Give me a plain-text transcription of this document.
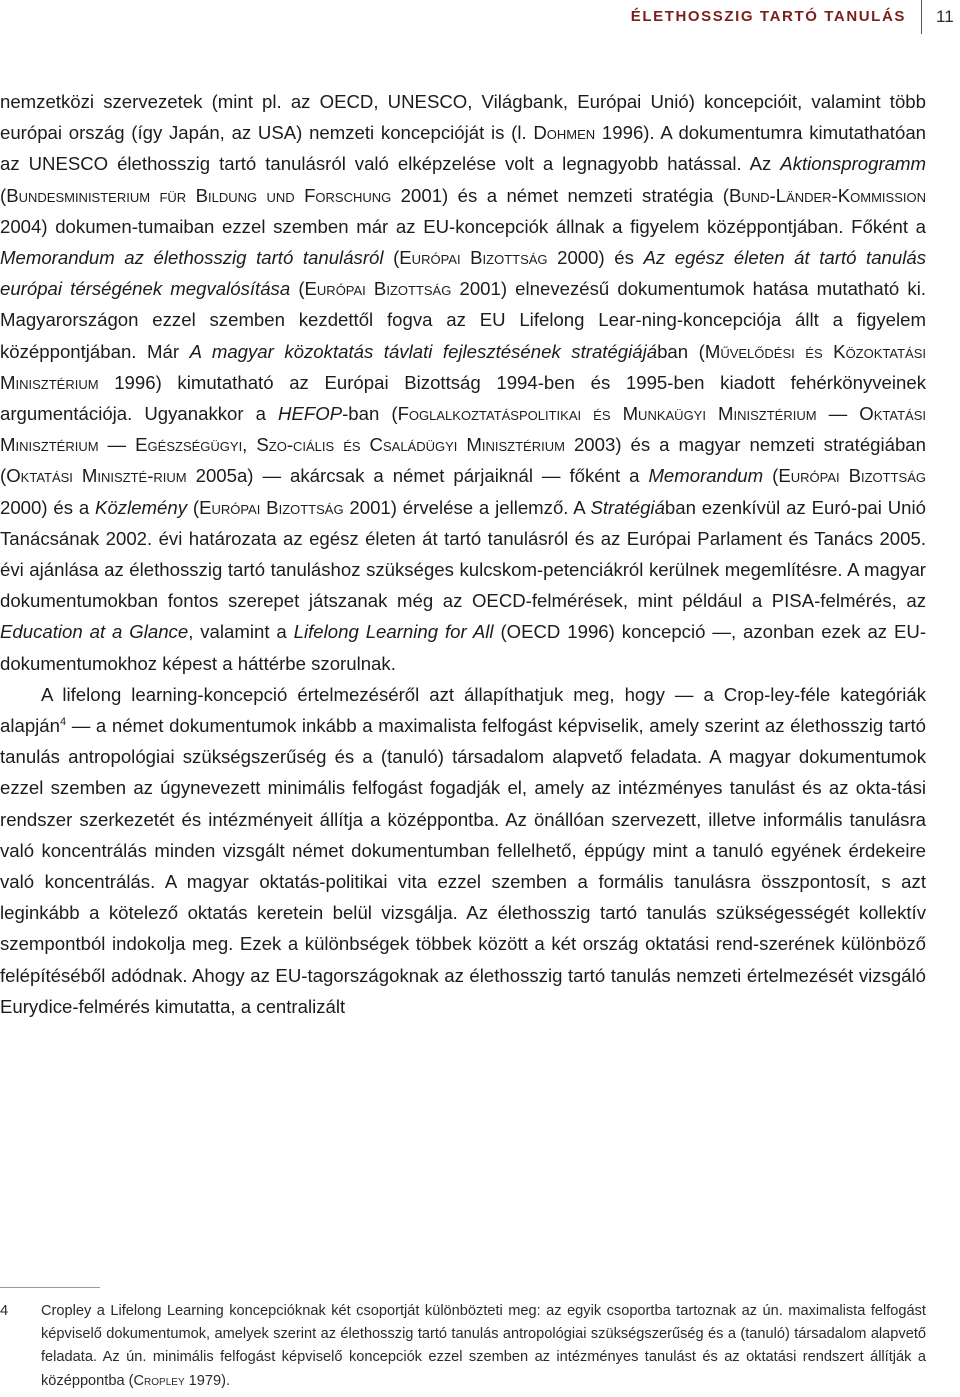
ÉLETHOSSZIG TARTÓ TANULÁS 11

nemzetközi szervezetek (mint pl. az OECD, UNESCO, Világbank, Európai Unió) koncepcióit, valamint több európai ország (így Japán, az USA) nemzeti koncepcióját is (l. Dohmen 1996). A dokumentumra kimutathatóan az UNESCO élethosszig tartó tanulásról való elképzelése volt a legnagyobb hatással. Az Aktionsprogramm (Bundesministerium für Bildung und Forschung 2001) és a német nemzeti stratégia (Bund-Länder-Kommission 2004) dokumen-tumaiban ezzel szemben már az EU-koncepciók állnak a figyelem középpontjában. Főként a Memorandum az élethosszig tartó tanulásról (Európai Bizottság 2000) és Az egész életen át tartó tanulás európai térségének megvalósítása (Európai Bizottság 2001) elnevezésű dokumentumok hatása mutatható ki. Magyarországon ezzel szemben kezdettől fogva az EU Lifelong Lear-ning-koncepciója állt a figyelem középpontjában. Már A magyar közoktatás távlati fejlesztésének stratégiájában (Művelődési és Közoktatási Minisztérium 1996) kimutatható az Európai Bizottság 1994-ben és 1995-ben kiadott fehérkönyveinek argumentációja. Ugyanakkor a HEFOP-ban (Foglalkoztatáspolitikai és Munkaügyi Minisztérium — Oktatási Minisztérium — Egészségügyi, Szo-ciális és Családügyi Minisztérium 2003) és a magyar nemzeti stratégiában (Oktatási Miniszté-rium 2005a) — akárcsak a német párjaiknál — főként a Memorandum (Európai Bizottság 2000) és a Közlemény (Európai Bizottság 2001) érvelése a jellemző. A Stratégiában ezenkívül az Euró-pai Unió Tanácsának 2002. évi határozata az egész életen át tartó tanulásról és az Európai Parlament és Tanács 2005. évi ajánlása az élethosszig tartó tanuláshoz szükséges kulcskom-petenciákról kerülnek megemlítésre. A magyar dokumentumokban fontos szerepet játszanak még az OECD-felmérések, mint például a PISA-felmérés, az Education at a Glance, valamint a Lifelong Learning for All (OECD 1996) koncepció —, azonban ezek az EU-dokumentumokhoz képest a háttérbe szorulnak.

A lifelong learning-koncepció értelmezéséről azt állapíthatjuk meg, hogy — a Crop-ley-féle kategóriák alapján$^4$ — a német dokumentumok inkább a maximalista felfogást képviselik, amely szerint az élethosszig tartó tanulás antropológiai szükségszerűség és a (tanuló) társadalom alapvető feladata. A magyar dokumentumok ezzel szemben az úgynevezett minimális felfogást fogadják el, amely az intézményes tanulást és az okta-tási rendszer szerkezetét és intézményeit állítja a középpontba. Az önállóan szervezett, illetve informális tanulásra való koncentrálás minden vizsgált német dokumentumban fellelhető, éppúgy mint a tanuló egyének érdekeire való koncentrálás. A magyar oktatás-politikai vita ezzel szemben a formális tanulásra összpontosít, s azt leginkább a kötelező oktatás keretein belül vizsgálja. Az élethosszig tartó tanulás szükségességét kollektív szempontból indokolja meg. Ezek a különbségek többek között a két ország oktatási rend-szerének különböző felépítéséből adódnak. Ahogy az EU-tagországoknak az élethosszig tartó tanulás nemzeti értelmezését vizsgáló Eurydice-felmérés kimutatta, a centralizált

4	Cropley a Lifelong Learning koncepcióknak két csoportját különbözteti meg: az egyik csoportba tartoznak az ún. maximalista felfogást képviselő dokumentumok, amelyek szerint az élethosszig tartó tanulás antropológiai szükségszerűség és a (tanuló) társadalom alapvető feladata. Az ún. minimális felfogást képviselő koncepciók ezzel szemben az intézményes tanulást és az oktatási rendszert állítják a középpontba (Cropley 1979).
